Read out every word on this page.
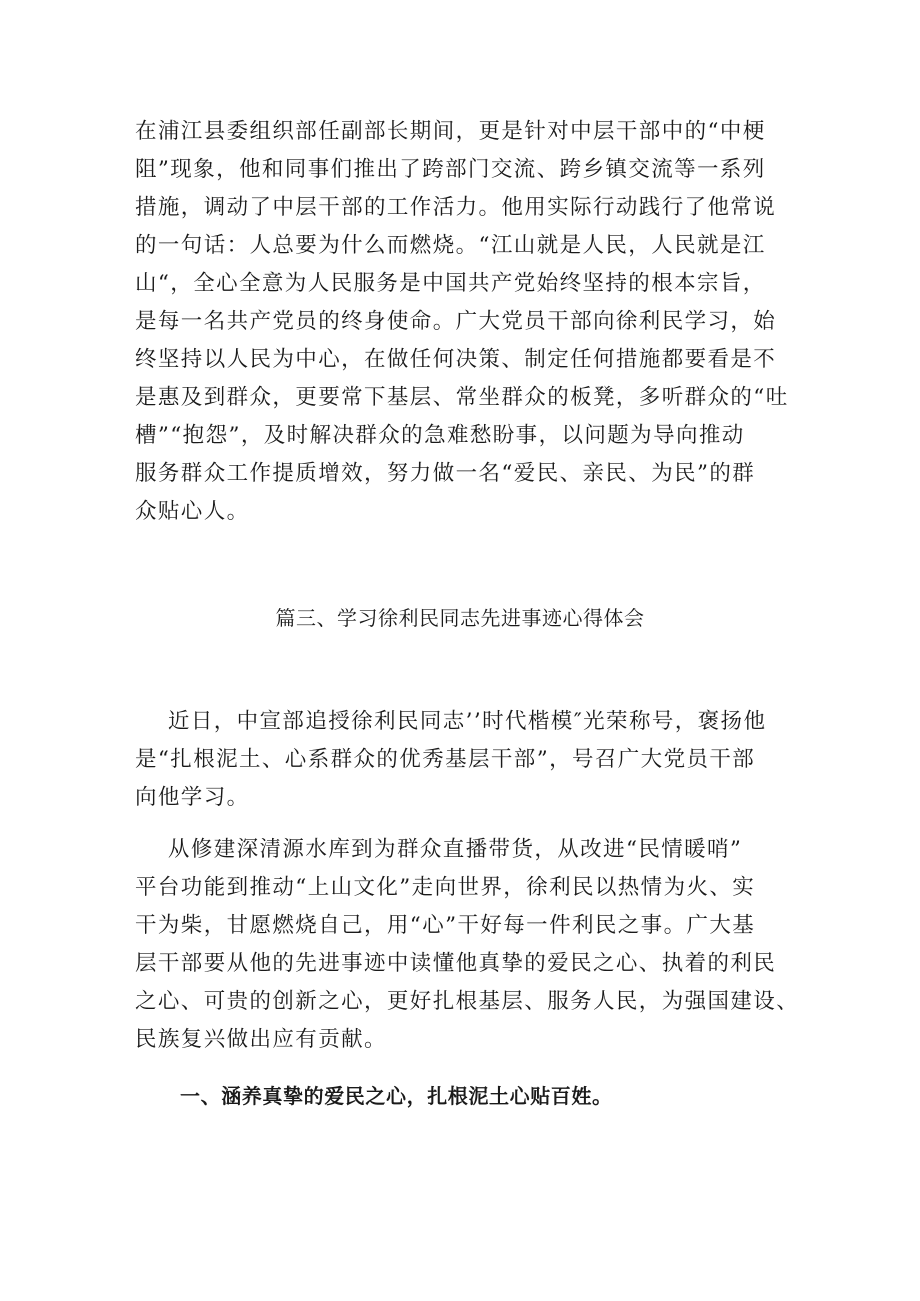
在浦江县委组织部任副部长期间，更是针对中层干部中的“中梗
阻”现象，他和同事们推出了跨部门交流、跨乡镇交流等一系列
措施，调动了中层干部的工作活力。他用实际行动践行了他常说
的一句话：人总要为什么而燃烧。“江山就是人民，人民就是江
山“，全心全意为人民服务是中国共产党始终坚持的根本宗旨，
是每一名共产党员的终身使命。广大党员干部向徐利民学习，始
终坚持以人民为中心，在做任何决策、制定任何措施都要看是不
是惠及到群众，更要常下基层、常坐群众的板凳，多听群众的“吐
槽”“抱怨”，及时解决群众的急难愁盼事，以问题为导向推动
服务群众工作提质增效，努力做一名“爱民、亲民、为民”的群
众贴心人。
篇三、学习徐利民同志先进事迹心得体会
近日，中宣部追授徐利民同志’’时代楷模″光荣称号，褒扬他
是“扎根泥土、心系群众的优秀基层干部”，号召广大党员干部
向他学习。
从修建深清源水库到为群众直播带货，从改进“民情暖哨”
平台功能到推动“上山文化”走向世界，徐利民以热情为火、实
干为柴，甘愿燃烧自己，用“心”干好每一件利民之事。广大基
层干部要从他的先进事迹中读懂他真挚的爱民之心、执着的利民
之心、可贵的创新之心，更好扎根基层、服务人民，为强国建设、
民族复兴做出应有贡献。
一、涵养真挚的爱民之心，扎根泥土心贴百姓。
